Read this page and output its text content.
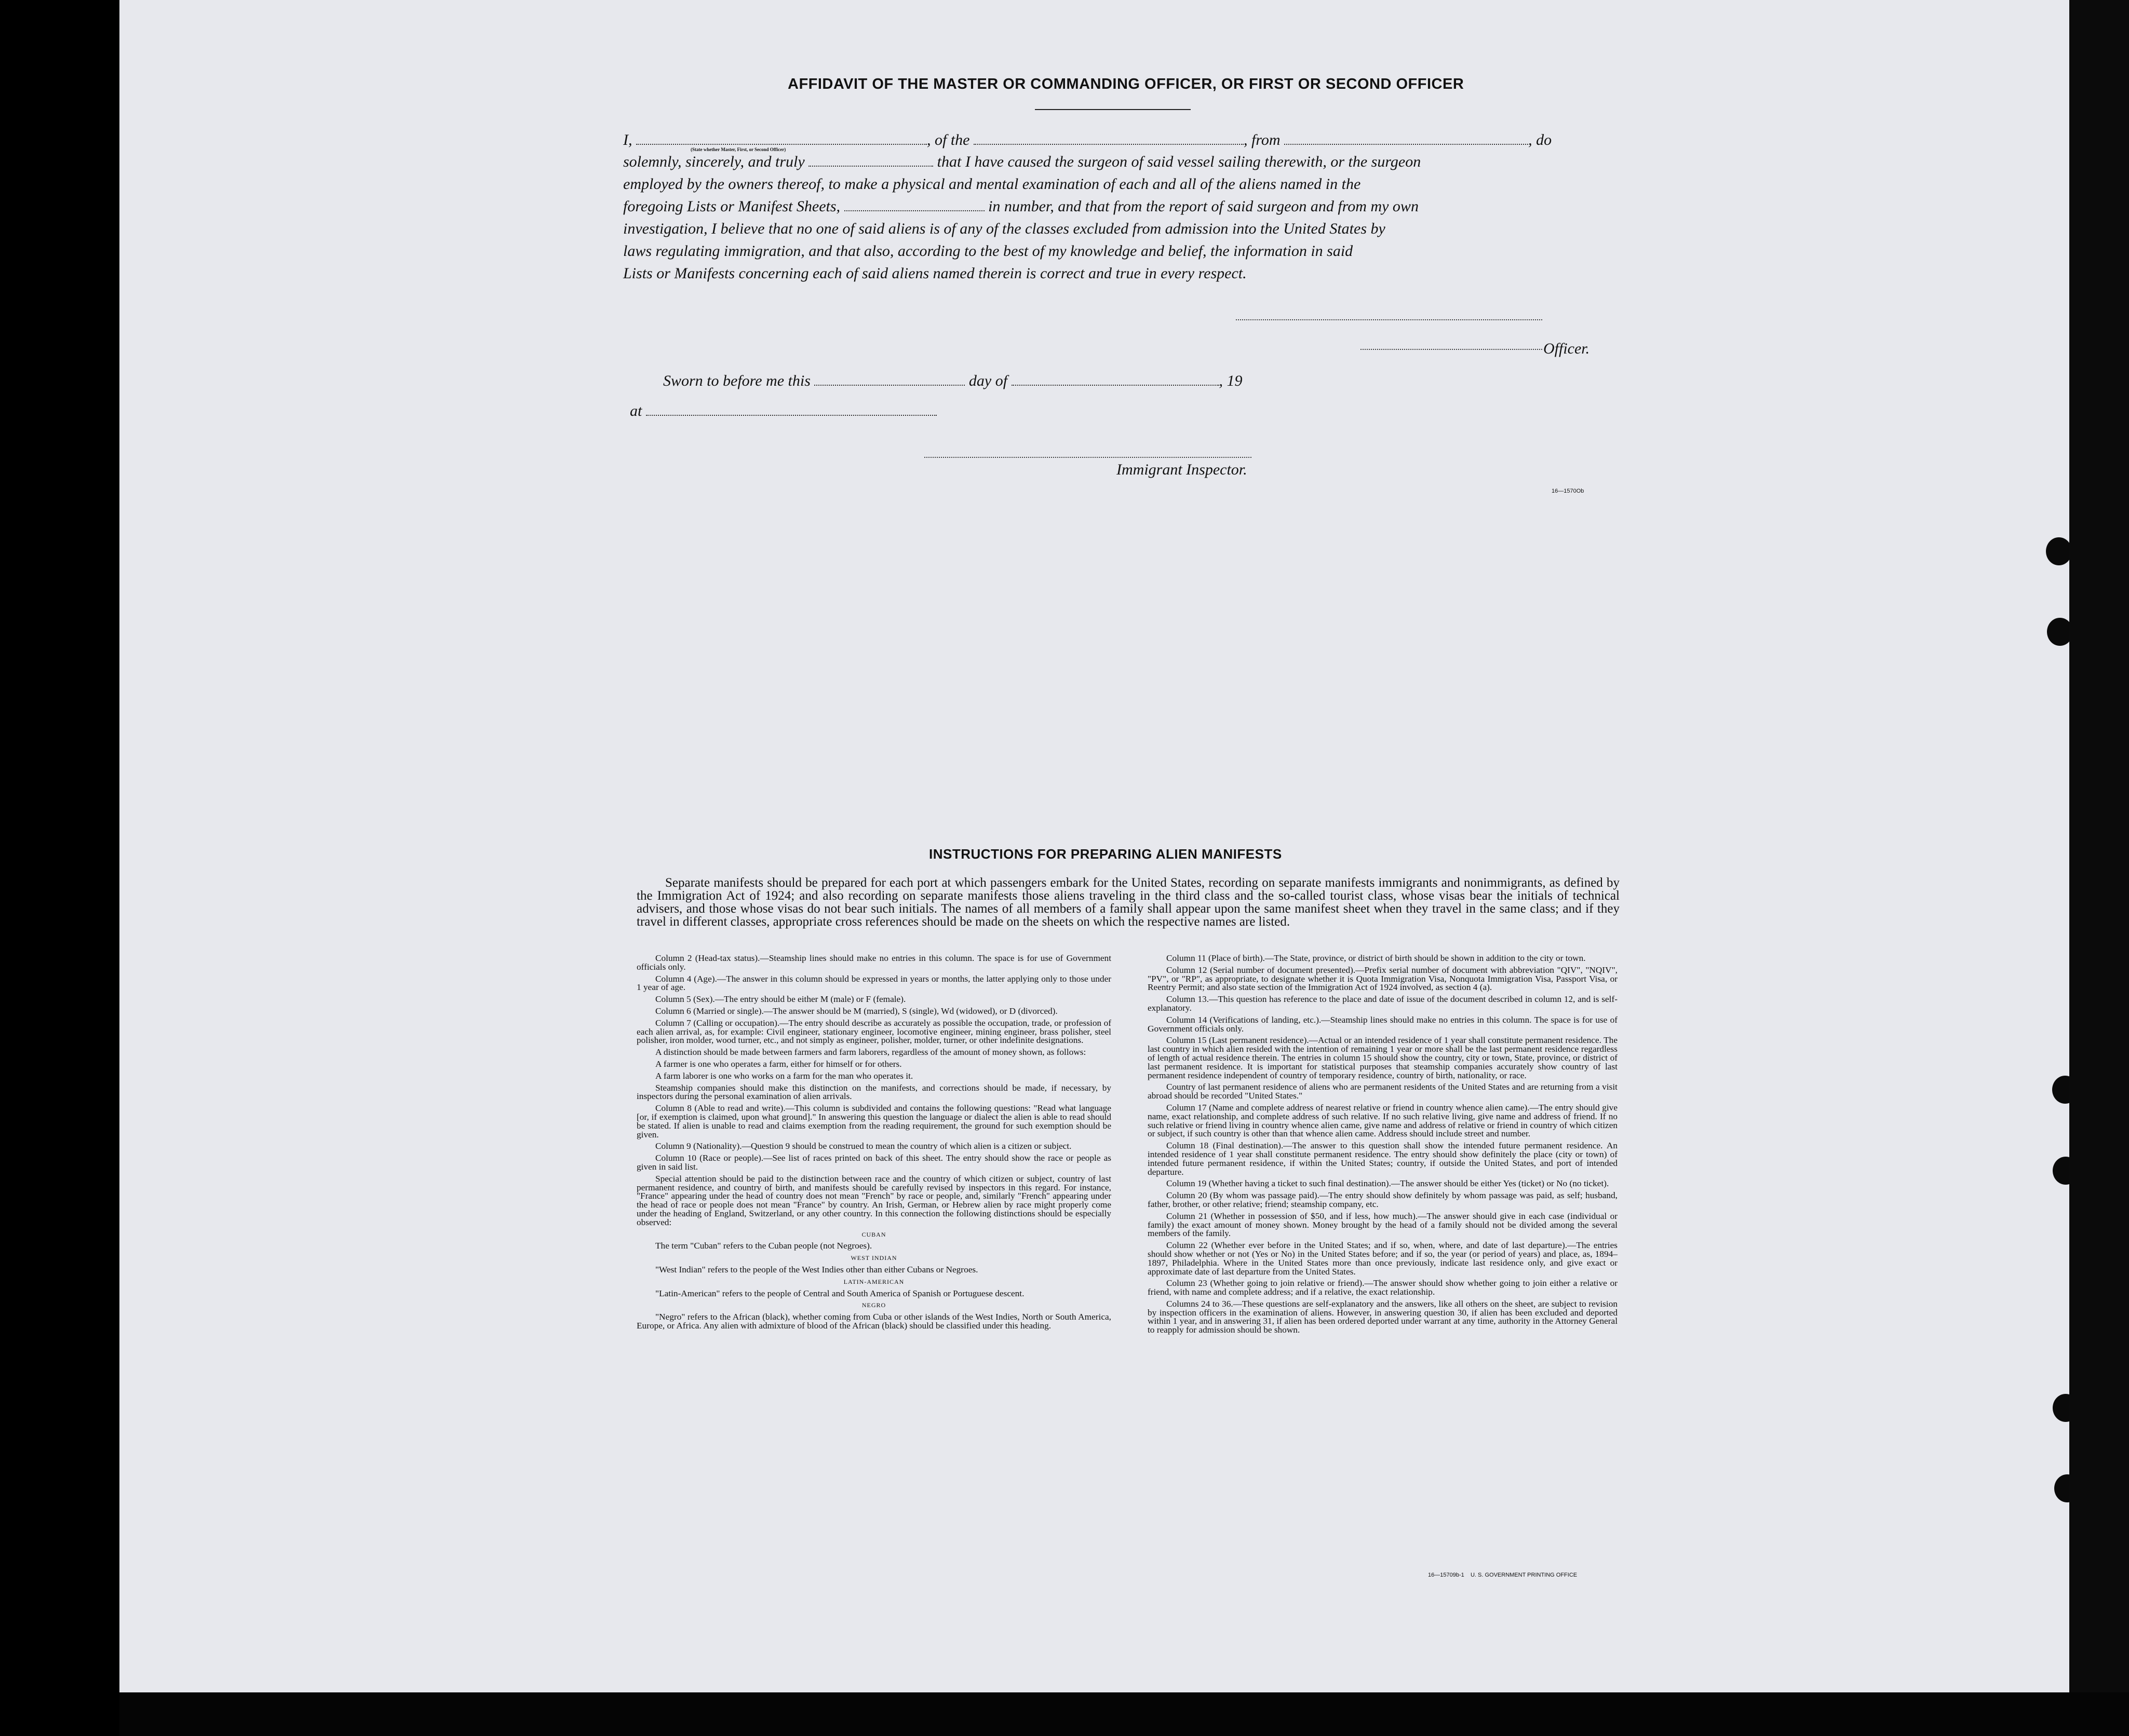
AFFIDAVIT OF THE MASTER OR COMMANDING OFFICER, OR FIRST OR SECOND OFFICER
I,	, of the	, from	, do
(State whether Master, First, or Second Officer)
solemnly, sincerely, and truly	that I have caused the surgeon of said vessel sailing therewith, or the surgeon
employed by the owners thereof, to make a physical and mental examination of each and all of the aliens named in the
foregoing Lists or Manifest Sheets,	in number, and that from the report of said surgeon and from my own
investigation, I believe that no one of said aliens is of any of the classes excluded from admission into the United States by
laws regulating immigration, and that also, according to the best of my knowledge and belief, the information in said
Lists or Manifests concerning each of said aliens named therein is correct and true in every respect.
Officer.
Sworn to before me this	day of	, 19
at
Immigrant Inspector.
16—1570Ob
INSTRUCTIONS FOR PREPARING ALIEN MANIFESTS
Separate manifests should be prepared for each port at which passengers embark for the United States, recording on separate manifests immigrants and nonimmigrants, as defined by the Immigration Act of 1924; and also recording on separate manifests those aliens traveling in the third class and the so-called tourist class, whose visas bear the initials of technical advisers, and those whose visas do not bear such initials. The names of all members of a family shall appear upon the same manifest sheet when they travel in the same class; and if they travel in different classes, appropriate cross references should be made on the sheets on which the respective names are listed.

Column 2 (Head-tax status).—Steamship lines should make no entries in this column. The space is for use of Government officials only.

Column 4 (Age).—The answer in this column should be expressed in years or months, the latter applying only to those under 1 year of age.

Column 5 (Sex).—The entry should be either M (male) or F (female).

Column 6 (Married or single).—The answer should be M (married), S (single), Wd (widowed), or D (divorced).

Column 7 (Calling or occupation).—The entry should describe as accurately as possible the occupation, trade, or profession of each alien arrival, as, for example: Civil engineer, stationary engineer, locomotive engineer, mining engineer, brass polisher, steel polisher, iron molder, wood turner, etc., and not simply as engineer, polisher, molder, turner, or other indefinite designations.

A distinction should be made between farmers and farm laborers, regardless of the amount of money shown, as follows:

A farmer is one who operates a farm, either for himself or for others.

A farm laborer is one who works on a farm for the man who operates it.

Steamship companies should make this distinction on the manifests, and corrections should be made, if necessary, by inspectors during the personal examination of alien arrivals.

Column 8 (Able to read and write).—This column is subdivided and contains the following questions: "Read what language [or, if exemption is claimed, upon what ground]." In answering this question the language or dialect the alien is able to read should be stated. If alien is unable to read and claims exemption from the reading requirement, the ground for such exemption should be given.

Column 9 (Nationality).—Question 9 should be construed to mean the country of which alien is a citizen or subject.

Column 10 (Race or people).—See list of races printed on back of this sheet. The entry should show the race or people as given in said list.

Special attention should be paid to the distinction between race and the country of which citizen or subject, country of last permanent residence, and country of birth, and manifests should be carefully revised by inspectors in this regard. For instance, "France" appearing under the head of country does not mean "French" by race or people, and, similarly "French" appearing under the head of race or people does not mean "France" by country. An Irish, German, or Hebrew alien by race might properly come under the heading of England, Switzerland, or any other country. In this connection the following distinctions should be especially observed:

CUBAN

The term "Cuban" refers to the Cuban people (not Negroes).

WEST INDIAN

"West Indian" refers to the people of the West Indies other than either Cubans or Negroes.

LATIN-AMERICAN

"Latin-American" refers to the people of Central and South America of Spanish or Portuguese descent.

NEGRO

"Negro" refers to the African (black), whether coming from Cuba or other islands of the West Indies, North or South America, Europe, or Africa. Any alien with admixture of blood of the African (black) should be classified under this heading.

Column 11 (Place of birth).—The State, province, or district of birth should be shown in addition to the city or town.

Column 12 (Serial number of document presented).—Prefix serial number of document with abbreviation "QIV", "NQIV", "PV", or "RP", as appropriate, to designate whether it is Quota Immigration Visa, Nonquota Immigration Visa, Passport Visa, or Reentry Permit; and also state section of the Immigration Act of 1924 involved, as section 4 (a).

Column 13.—This question has reference to the place and date of issue of the document described in column 12, and is self-explanatory.

Column 14 (Verifications of landing, etc.).—Steamship lines should make no entries in this column. The space is for use of Government officials only.

Column 15 (Last permanent residence).—Actual or an intended residence of 1 year shall constitute permanent residence. The last country in which alien resided with the intention of remaining 1 year or more shall be the last permanent residence regardless of length of actual residence therein. The entries in column 15 should show the country, city or town, State, province, or district of last permanent residence. It is important for statistical purposes that steamship companies accurately show country of last permanent residence independent of country of temporary residence, country of birth, nationality, or race.

Country of last permanent residence of aliens who are permanent residents of the United States and are returning from a visit abroad should be recorded "United States."

Column 17 (Name and complete address of nearest relative or friend in country whence alien came).—The entry should give name, exact relationship, and complete address of such relative. If no such relative living, give name and address of friend. If no such relative or friend living in country whence alien came, give name and address of relative or friend in country of which citizen or subject, if such country is other than that whence alien came. Address should include street and number.

Column 18 (Final destination).—The answer to this question shall show the intended future permanent residence. An intended residence of 1 year shall constitute permanent residence. The entry should show definitely the place (city or town) of intended future permanent residence, if within the United States; country, if outside the United States, and port of intended departure.

Column 19 (Whether having a ticket to such final destination).—The answer should be either Yes (ticket) or No (no ticket).

Column 20 (By whom was passage paid).—The entry should show definitely by whom passage was paid, as self; husband, father, brother, or other relative; friend; steamship company, etc.

Column 21 (Whether in possession of $50, and if less, how much).—The answer should give in each case (individual or family) the exact amount of money shown. Money brought by the head of a family should not be divided among the several members of the family.

Column 22 (Whether ever before in the United States; and if so, when, where, and date of last departure).—The entries should show whether or not (Yes or No) in the United States before; and if so, the year (or period of years) and place, as, 1894–1897, Philadelphia. Where in the United States more than once previously, indicate last residence only, and give exact or approximate date of last departure from the United States.

Column 23 (Whether going to join relative or friend).—The answer should show whether going to join either a relative or friend, with name and complete address; and if a relative, the exact relationship.

Columns 24 to 36.—These questions are self-explanatory and the answers, like all others on the sheet, are subject to revision by inspection officers in the examination of aliens. However, in answering question 30, if alien has been excluded and deported within 1 year, and in answering 31, if alien has been ordered deported under warrant at any time, authority in the Attorney General to reapply for admission should be shown.

16—15709b-1 U. S. GOVERNMENT PRINTING OFFICE
